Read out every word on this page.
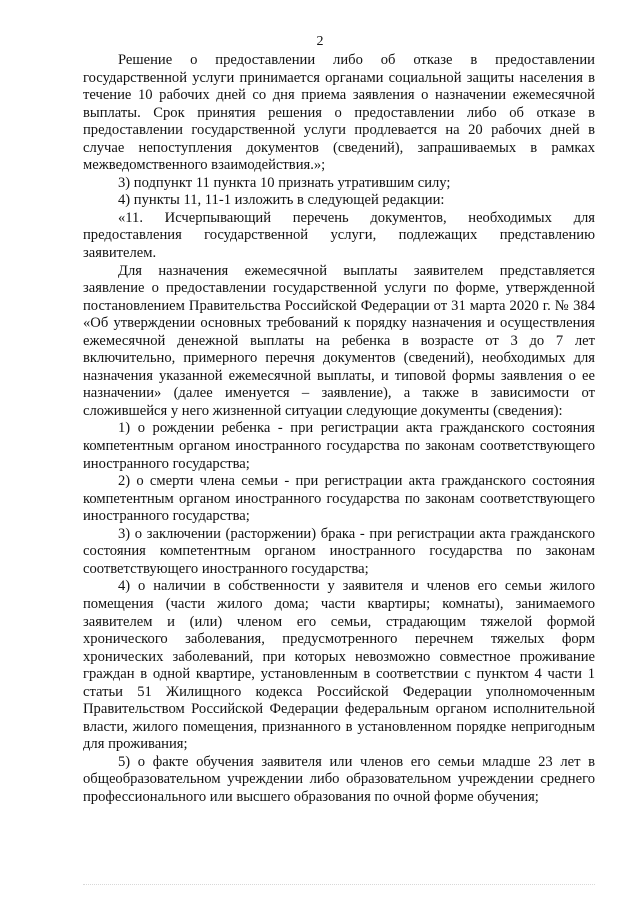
2

Решение о предоставлении либо об отказе в предоставлении государственной услуги принимается органами социальной защиты населения в течение 10 рабочих дней со дня приема заявления о назначении ежемесячной выплаты. Срок принятия решения о предоставлении либо об отказе в предоставлении государственной услуги продлевается на 20 рабочих дней в случае непоступления документов (сведений), запрашиваемых в рамках межведомственного взаимодействия.»;

3) подпункт 11 пункта 10 признать утратившим силу;

4) пункты 11, 11-1 изложить в следующей редакции:

«11. Исчерпывающий перечень документов, необходимых для предоставления государственной услуги, подлежащих представлению заявителем.

Для назначения ежемесячной выплаты заявителем представляется заявление о предоставлении государственной услуги по форме, утвержденной постановлением Правительства Российской Федерации от 31 марта 2020 г. № 384 «Об утверждении основных требований к порядку назначения и осуществления ежемесячной денежной выплаты на ребенка в возрасте от 3 до 7 лет включительно, примерного перечня документов (сведений), необходимых для назначения указанной ежемесячной выплаты, и типовой формы заявления о ее назначении» (далее именуется – заявление), а также в зависимости от сложившейся у него жизненной ситуации следующие документы (сведения):

1) о рождении ребенка - при регистрации акта гражданского состояния компетентным органом иностранного государства по законам соответствующего иностранного государства;

2) о смерти члена семьи - при регистрации акта гражданского состояния компетентным органом иностранного государства по законам соответствующего иностранного государства;

3) о заключении (расторжении) брака - при регистрации акта гражданского состояния компетентным органом иностранного государства по законам соответствующего иностранного государства;

4) о наличии в собственности у заявителя и членов его семьи жилого помещения (части жилого дома; части квартиры; комнаты), занимаемого заявителем и (или) членом его семьи, страдающим тяжелой формой хронического заболевания, предусмотренного перечнем тяжелых форм хронических заболеваний, при которых невозможно совместное проживание граждан в одной квартире, установленным в соответствии с пунктом 4 части 1 статьи 51 Жилищного кодекса Российской Федерации уполномоченным Правительством Российской Федерации федеральным органом исполнительной власти, жилого помещения, признанного в установленном порядке непригодным для проживания;

5) о факте обучения заявителя или членов его семьи младше 23 лет в общеобразовательном учреждении либо образовательном учреждении среднего профессионального или высшего образования по очной форме обучения;
